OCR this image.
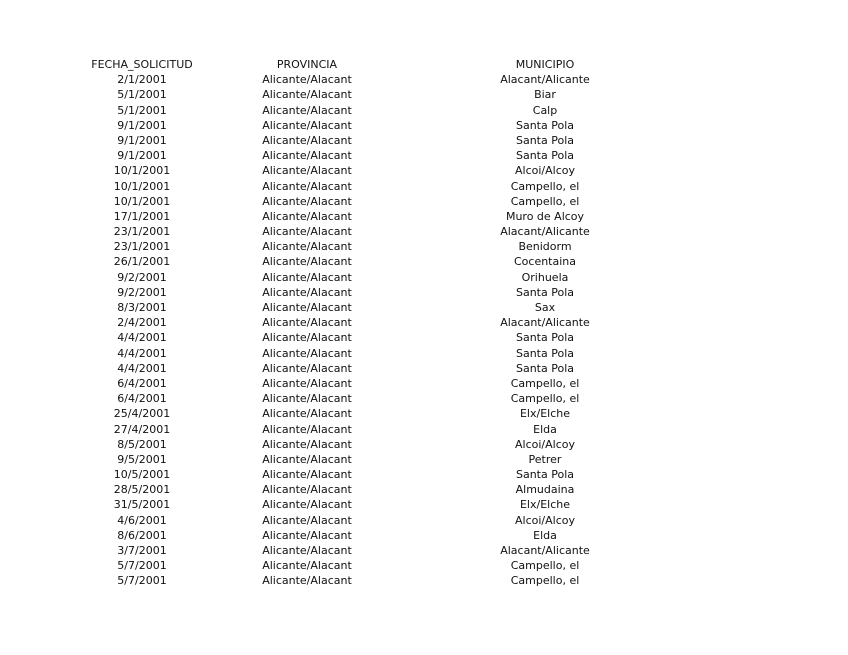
FECHA_SOLICITUD	PROVINCIA	MUNICIPIO
2/1/2001	Alicante/Alacant	Alacant/Alicante
5/1/2001	Alicante/Alacant	Biar
5/1/2001	Alicante/Alacant	Calp
9/1/2001	Alicante/Alacant	Santa Pola
9/1/2001	Alicante/Alacant	Santa Pola
9/1/2001	Alicante/Alacant	Santa Pola
10/1/2001	Alicante/Alacant	Alcoi/Alcoy
10/1/2001	Alicante/Alacant	Campello, el
10/1/2001	Alicante/Alacant	Campello, el
17/1/2001	Alicante/Alacant	Muro de Alcoy
23/1/2001	Alicante/Alacant	Alacant/Alicante
23/1/2001	Alicante/Alacant	Benidorm
26/1/2001	Alicante/Alacant	Cocentaina
9/2/2001	Alicante/Alacant	Orihuela
9/2/2001	Alicante/Alacant	Santa Pola
8/3/2001	Alicante/Alacant	Sax
2/4/2001	Alicante/Alacant	Alacant/Alicante
4/4/2001	Alicante/Alacant	Santa Pola
4/4/2001	Alicante/Alacant	Santa Pola
4/4/2001	Alicante/Alacant	Santa Pola
6/4/2001	Alicante/Alacant	Campello, el
6/4/2001	Alicante/Alacant	Campello, el
25/4/2001	Alicante/Alacant	Elx/Elche
27/4/2001	Alicante/Alacant	Elda
8/5/2001	Alicante/Alacant	Alcoi/Alcoy
9/5/2001	Alicante/Alacant	Petrer
10/5/2001	Alicante/Alacant	Santa Pola
28/5/2001	Alicante/Alacant	Almudaina
31/5/2001	Alicante/Alacant	Elx/Elche
4/6/2001	Alicante/Alacant	Alcoi/Alcoy
8/6/2001	Alicante/Alacant	Elda
3/7/2001	Alicante/Alacant	Alacant/Alicante
5/7/2001	Alicante/Alacant	Campello, el
5/7/2001	Alicante/Alacant	Campello, el
